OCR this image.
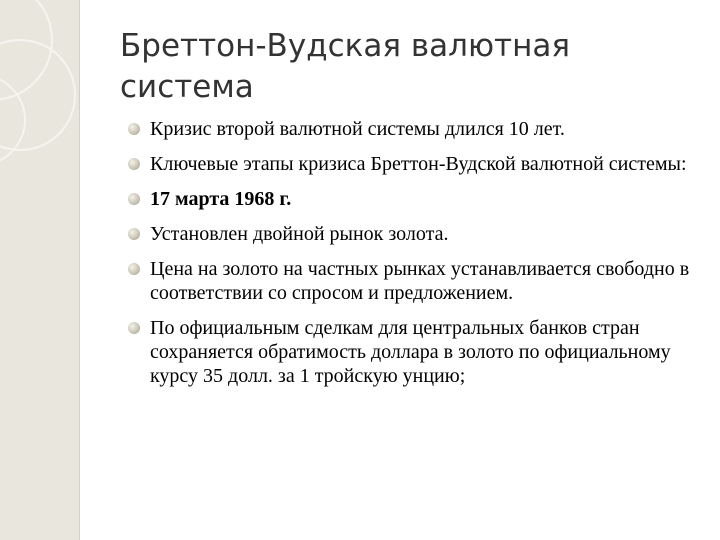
Бреттон-Вудская валютная система
Кризис второй валютной системы длился 10 лет.
Ключевые этапы кризиса Бреттон-Вудской валютной системы:
17 марта 1968 г.
Установлен двойной рынок золота.
Цена на золото на частных рынках устанавливается свободно в соответствии со спросом и предложением.
По официальным сделкам для центральных банков стран сохраняется обратимость доллара в золото по официальному курсу 35 долл. за 1 тройскую унцию;
